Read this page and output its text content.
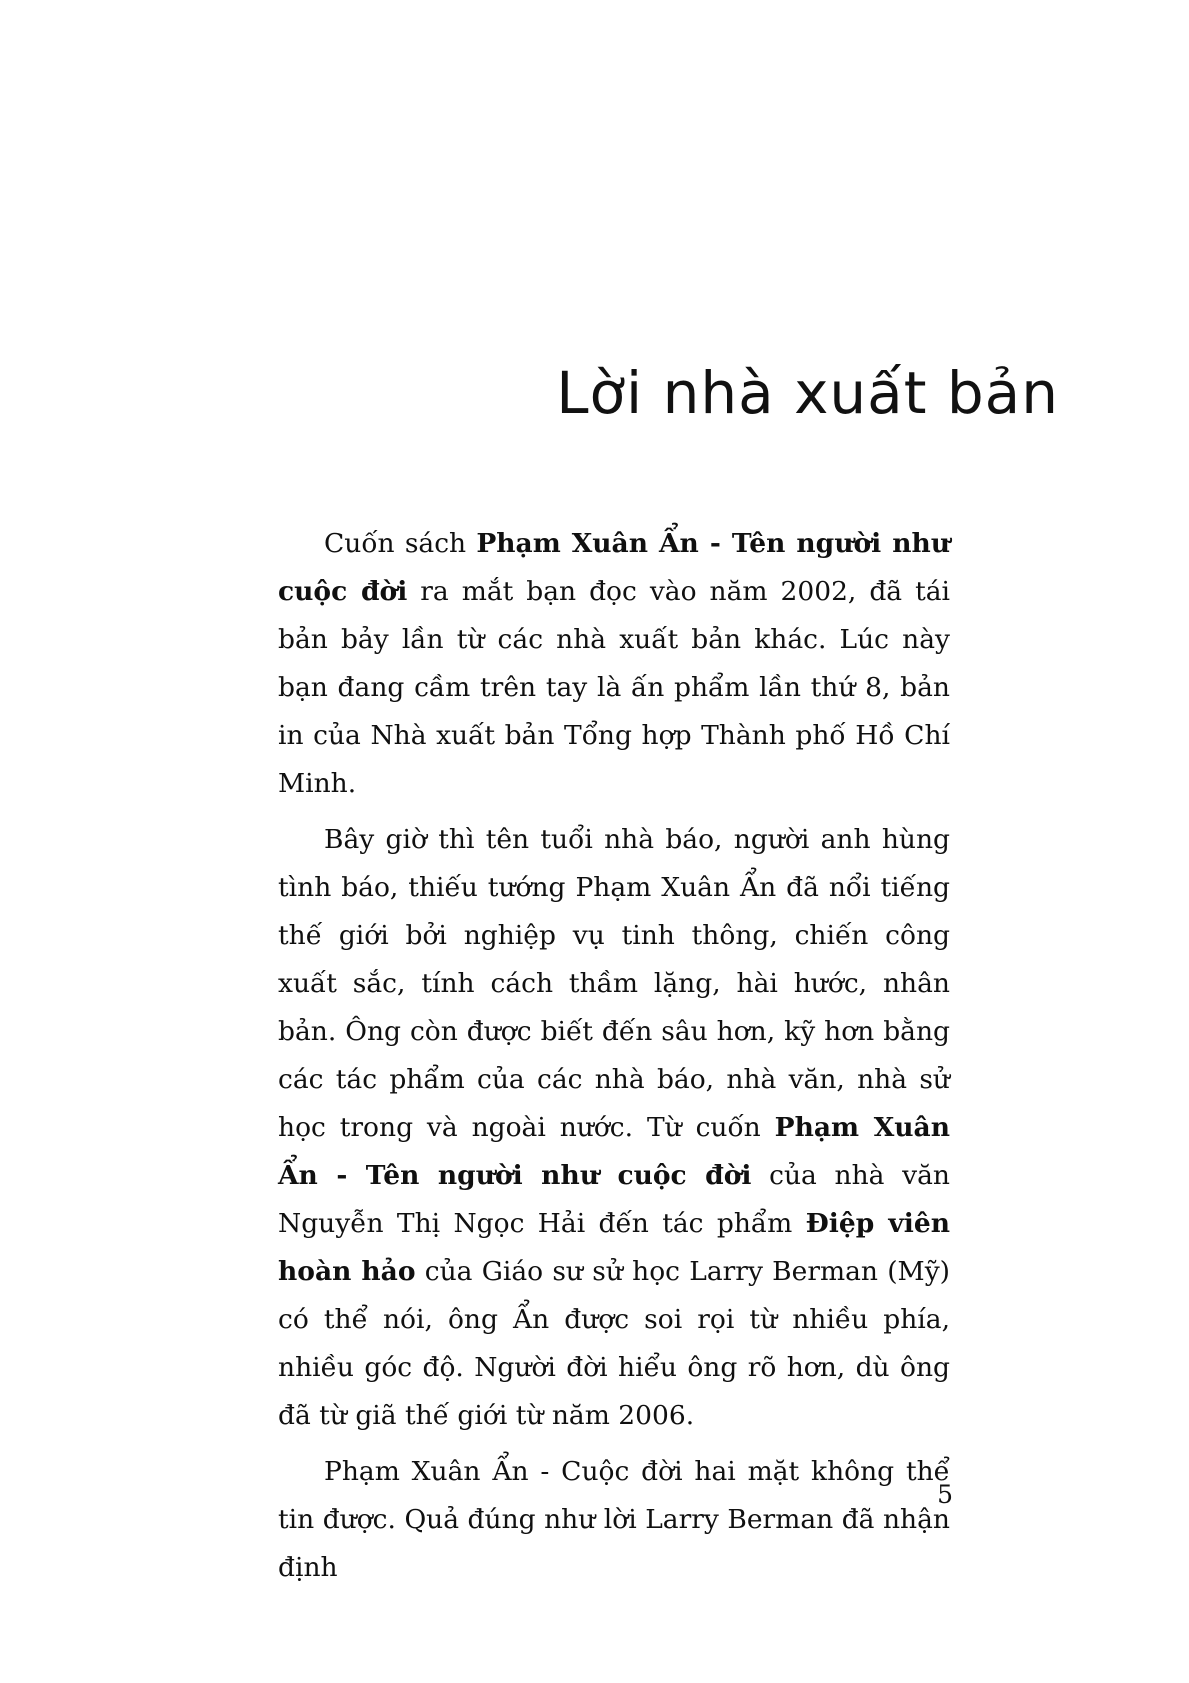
Lời nhà xuất bản

Cuốn sách Phạm Xuân Ẩn - Tên người như cuộc đời ra mắt bạn đọc vào năm 2002, đã tái bản bảy lần từ các nhà xuất bản khác. Lúc này bạn đang cầm trên tay là ấn phẩm lần thứ 8, bản in của Nhà xuất bản Tổng hợp Thành phố Hồ Chí Minh.

Bây giờ thì tên tuổi nhà báo, người anh hùng tình báo, thiếu tướng Phạm Xuân Ẩn đã nổi tiếng thế giới bởi nghiệp vụ tinh thông, chiến công xuất sắc, tính cách thầm lặng, hài hước, nhân bản. Ông còn được biết đến sâu hơn, kỹ hơn bằng các tác phẩm của các nhà báo, nhà văn, nhà sử học trong và ngoài nước. Từ cuốn Phạm Xuân Ẩn - Tên người như cuộc đời của nhà văn Nguyễn Thị Ngọc Hải đến tác phẩm Điệp viên hoàn hảo của Giáo sư sử học Larry Berman (Mỹ) có thể nói, ông Ẩn được soi rọi từ nhiều phía, nhiều góc độ. Người đời hiểu ông rõ hơn, dù ông đã từ giã thế giới từ năm 2006.

Phạm Xuân Ẩn - Cuộc đời hai mặt không thể tin được. Quả đúng như lời Larry Berman đã nhận định

5
